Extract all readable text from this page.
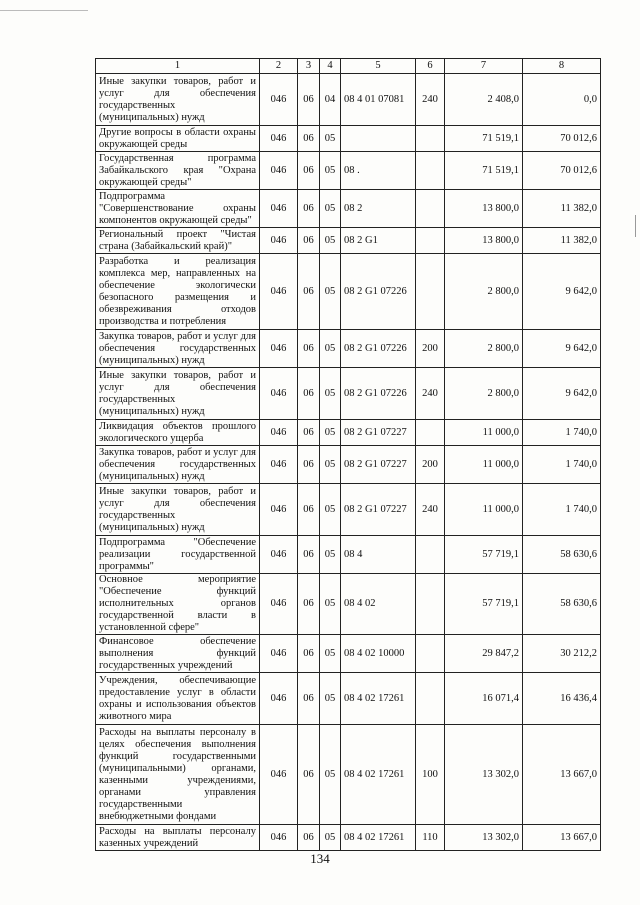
1	2	3	4	5	6	7	8
Иные закупки товаров, работ и услуг для обеспечения государственных (муниципальных) нужд	046	06	04	08 4 01 07081	240	2 408,0	0,0
Другие вопросы в области охраны окружающей среды	046	06	05			71 519,1	70 012,6
Государственная программа Забайкальского края "Охрана окружающей среды"	046	06	05	08 .		71 519,1	70 012,6
Подпрограмма "Совершенствование охраны компонентов окружающей среды"	046	06	05	08 2		13 800,0	11 382,0
Региональный проект "Чистая страна (Забайкальский край)"	046	06	05	08 2 G1		13 800,0	11 382,0
Разработка и реализация комплекса мер, направленных на обеспечение экологически безопасного размещения и обезвреживания отходов производства и потребления	046	06	05	08 2 G1 07226		2 800,0	9 642,0
Закупка товаров, работ и услуг для обеспечения государственных (муниципальных) нужд	046	06	05	08 2 G1 07226	200	2 800,0	9 642,0
Иные закупки товаров, работ и услуг для обеспечения государственных (муниципальных) нужд	046	06	05	08 2 G1 07226	240	2 800,0	9 642,0
Ликвидация объектов прошлого экологического ущерба	046	06	05	08 2 G1 07227		11 000,0	1 740,0
Закупка товаров, работ и услуг для обеспечения государственных (муниципальных) нужд	046	06	05	08 2 G1 07227	200	11 000,0	1 740,0
Иные закупки товаров, работ и услуг для обеспечения государственных (муниципальных) нужд	046	06	05	08 2 G1 07227	240	11 000,0	1 740,0
Подпрограмма "Обеспечение реализации государственной программы"	046	06	05	08 4		57 719,1	58 630,6
Основное мероприятие "Обеспечение функций исполнительных органов государственной власти в установленной сфере"	046	06	05	08 4 02		57 719,1	58 630,6
Финансовое обеспечение выполнения функций государственных учреждений	046	06	05	08 4 02 10000		29 847,2	30 212,2
Учреждения, обеспечивающие предоставление услуг в области охраны и использования объектов животного мира	046	06	05	08 4 02 17261		16 071,4	16 436,4
Расходы на выплаты персоналу в целях обеспечения выполнения функций государственными (муниципальными) органами, казенными учреждениями, органами управления государственными внебюджетными фондами	046	06	05	08 4 02 17261	100	13 302,0	13 667,0
Расходы на выплаты персоналу казенных учреждений	046	06	05	08 4 02 17261	110	13 302,0	13 667,0
134
